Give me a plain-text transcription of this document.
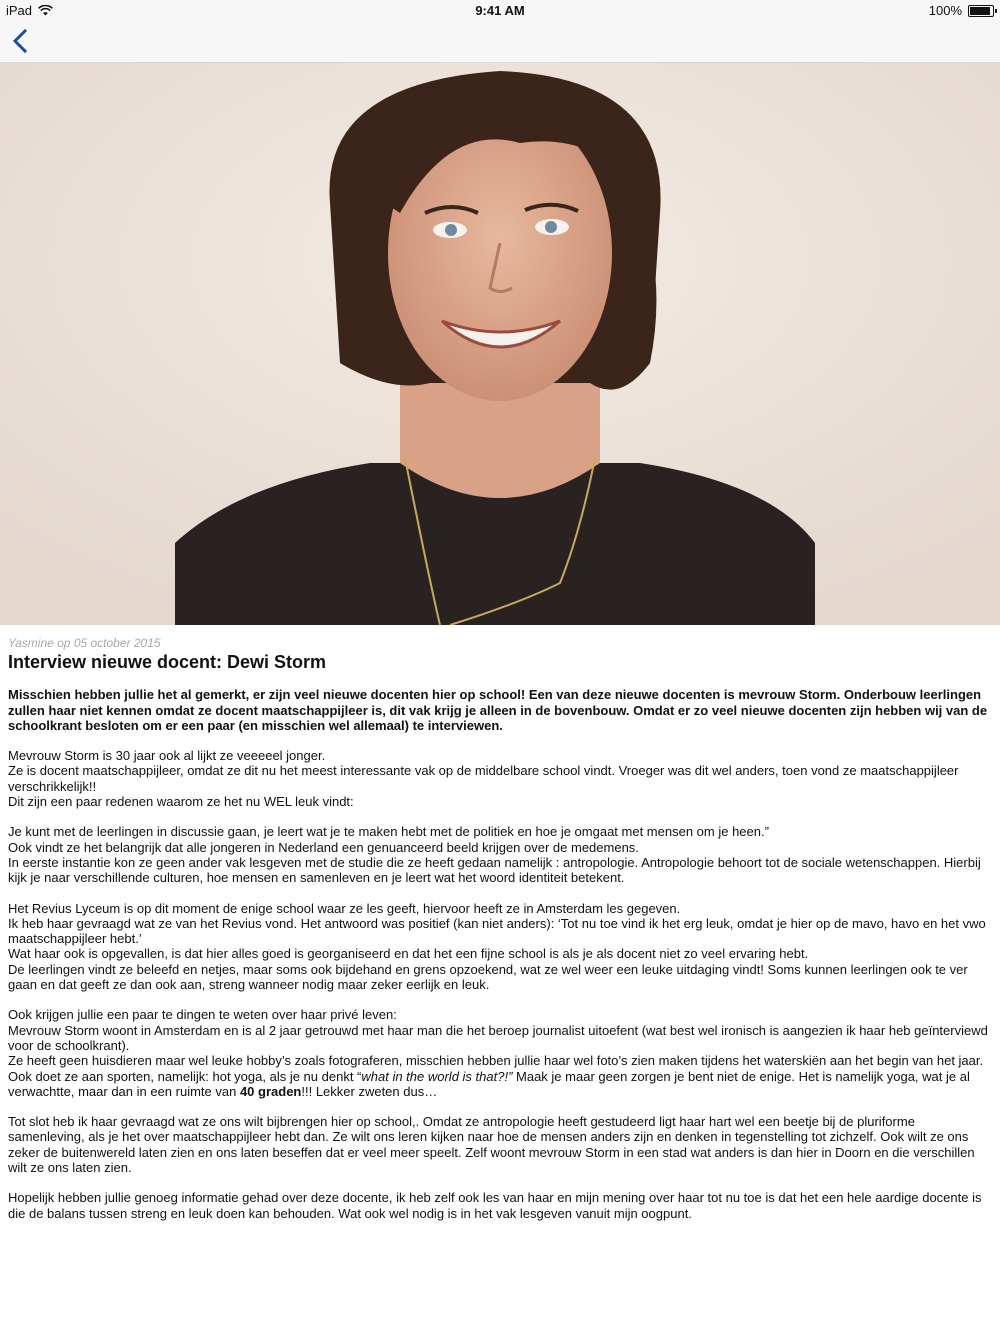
iPad	9:41 AM	100%

Yasmine op 05 october 2015

Interview nieuwe docent: Dewi Storm

Misschien hebben jullie het al gemerkt, er zijn veel nieuwe docenten hier op school! Een van deze nieuwe docenten is mevrouw Storm. Onderbouw leerlingen zullen haar niet kennen omdat ze docent maatschappijleer is, dit vak krijg je alleen in de bovenbouw. Omdat er zo veel nieuwe docenten zijn hebben wij van de schoolkrant besloten om er een paar (en misschien wel allemaal) te interviewen.

Mevrouw Storm is 30 jaar ook al lijkt ze veeeeel jonger.
Ze is docent maatschappijleer, omdat ze dit nu het meest interessante vak op de middelbare school vindt. Vroeger was dit wel anders, toen vond ze maatschappijleer verschrikkelijk!!
Dit zijn een paar redenen waarom ze het nu WEL leuk vindt:

Je kunt met de leerlingen in discussie gaan, je leert wat je te maken hebt met de politiek en hoe je omgaat met mensen om je heen.”
Ook vindt ze het belangrijk dat alle jongeren in Nederland een genuanceerd beeld krijgen over de medemens.
In eerste instantie kon ze geen ander vak lesgeven met de studie die ze heeft gedaan namelijk : antropologie. Antropologie behoort tot de sociale wetenschappen. Hierbij kijk je naar verschillende culturen, hoe mensen en samenleven en je leert wat het woord identiteit betekent.

Het Revius Lyceum is op dit moment de enige school waar ze les geeft, hiervoor heeft ze in Amsterdam les gegeven.
Ik heb haar gevraagd wat ze van het Revius vond. Het antwoord was positief (kan niet anders): ‘Tot nu toe vind ik het erg leuk, omdat je hier op de mavo, havo en het vwo maatschappijleer hebt.’
Wat haar ook is opgevallen, is dat hier alles goed is georganiseerd en dat het een fijne school is als je als docent niet zo veel ervaring hebt.
De leerlingen vindt ze beleefd en netjes, maar soms ook bijdehand en grens opzoekend, wat ze wel weer een leuke uitdaging vindt! Soms kunnen leerlingen ook te ver gaan en dat geeft ze dan ook aan, streng wanneer nodig maar zeker eerlijk en leuk.

Ook krijgen jullie een paar te dingen te weten over haar privé leven:
Mevrouw Storm woont in Amsterdam en is al 2 jaar getrouwd met haar man die het beroep journalist uitoefent (wat best wel ironisch is aangezien ik haar heb geïnterviewd voor de schoolkrant).
Ze heeft geen huisdieren maar wel leuke hobby’s zoals fotograferen, misschien hebben jullie haar wel foto’s zien maken tijdens het waterskiën aan het begin van het jaar.
Ook doet ze aan sporten, namelijk: hot yoga, als je nu denkt “what in the world is that?!” Maak je maar geen zorgen je bent niet de enige. Het is namelijk yoga, wat je al verwachtte, maar dan in een ruimte van 40 graden!!! Lekker zweten dus…

Tot slot heb ik haar gevraagd wat ze ons wilt bijbrengen hier op school,. Omdat ze antropologie heeft gestudeerd ligt haar hart wel een beetje bij de pluriforme samenleving, als je het over maatschappijleer hebt dan. Ze wilt ons leren kijken naar hoe de mensen anders zijn en denken in tegenstelling tot zichzelf. Ook wilt ze ons zeker de buitenwereld laten zien en ons laten beseffen dat er veel meer speelt. Zelf woont mevrouw Storm in een stad wat anders is dan hier in Doorn en die verschillen wilt ze ons laten zien.

Hopelijk hebben jullie genoeg informatie gehad over deze docente, ik heb zelf ook les van haar en mijn mening over haar tot nu toe is dat het een hele aardige docente is die de balans tussen streng en leuk doen kan behouden. Wat ook wel nodig is in het vak lesgeven vanuit mijn oogpunt.
